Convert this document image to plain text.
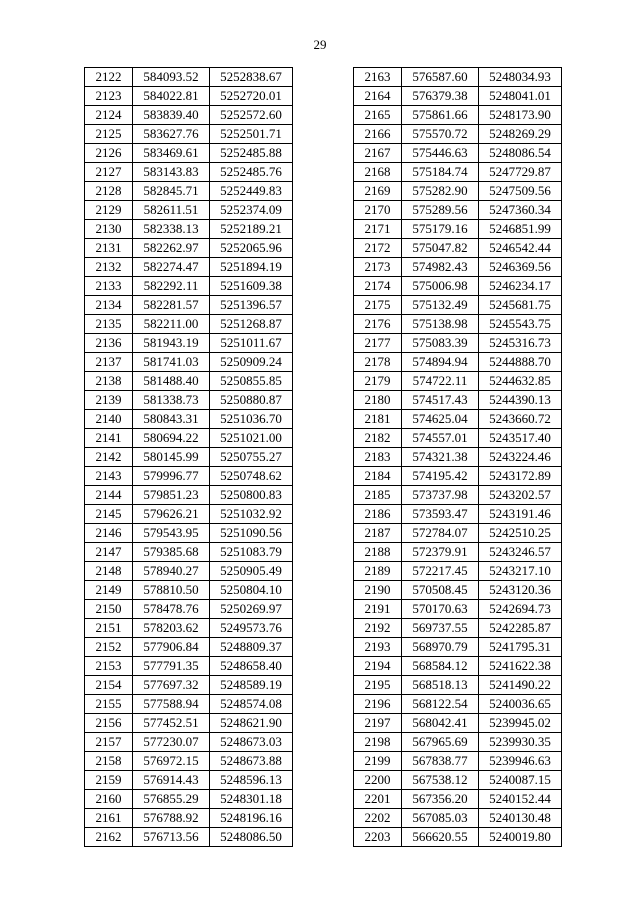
29
2122	584093.52	5252838.67
2123	584022.81	5252720.01
2124	583839.40	5252572.60
2125	583627.76	5252501.71
2126	583469.61	5252485.88
2127	583143.83	5252485.76
2128	582845.71	5252449.83
2129	582611.51	5252374.09
2130	582338.13	5252189.21
2131	582262.97	5252065.96
2132	582274.47	5251894.19
2133	582292.11	5251609.38
2134	582281.57	5251396.57
2135	582211.00	5251268.87
2136	581943.19	5251011.67
2137	581741.03	5250909.24
2138	581488.40	5250855.85
2139	581338.73	5250880.87
2140	580843.31	5251036.70
2141	580694.22	5251021.00
2142	580145.99	5250755.27
2143	579996.77	5250748.62
2144	579851.23	5250800.83
2145	579626.21	5251032.92
2146	579543.95	5251090.56
2147	579385.68	5251083.79
2148	578940.27	5250905.49
2149	578810.50	5250804.10
2150	578478.76	5250269.97
2151	578203.62	5249573.76
2152	577906.84	5248809.37
2153	577791.35	5248658.40
2154	577697.32	5248589.19
2155	577588.94	5248574.08
2156	577452.51	5248621.90
2157	577230.07	5248673.03
2158	576972.15	5248673.88
2159	576914.43	5248596.13
2160	576855.29	5248301.18
2161	576788.92	5248196.16
2162	576713.56	5248086.50
2163	576587.60	5248034.93
2164	576379.38	5248041.01
2165	575861.66	5248173.90
2166	575570.72	5248269.29
2167	575446.63	5248086.54
2168	575184.74	5247729.87
2169	575282.90	5247509.56
2170	575289.56	5247360.34
2171	575179.16	5246851.99
2172	575047.82	5246542.44
2173	574982.43	5246369.56
2174	575006.98	5246234.17
2175	575132.49	5245681.75
2176	575138.98	5245543.75
2177	575083.39	5245316.73
2178	574894.94	5244888.70
2179	574722.11	5244632.85
2180	574517.43	5244390.13
2181	574625.04	5243660.72
2182	574557.01	5243517.40
2183	574321.38	5243224.46
2184	574195.42	5243172.89
2185	573737.98	5243202.57
2186	573593.47	5243191.46
2187	572784.07	5242510.25
2188	572379.91	5243246.57
2189	572217.45	5243217.10
2190	570508.45	5243120.36
2191	570170.63	5242694.73
2192	569737.55	5242285.87
2193	568970.79	5241795.31
2194	568584.12	5241622.38
2195	568518.13	5241490.22
2196	568122.54	5240036.65
2197	568042.41	5239945.02
2198	567965.69	5239930.35
2199	567838.77	5239946.63
2200	567538.12	5240087.15
2201	567356.20	5240152.44
2202	567085.03	5240130.48
2203	566620.55	5240019.80
